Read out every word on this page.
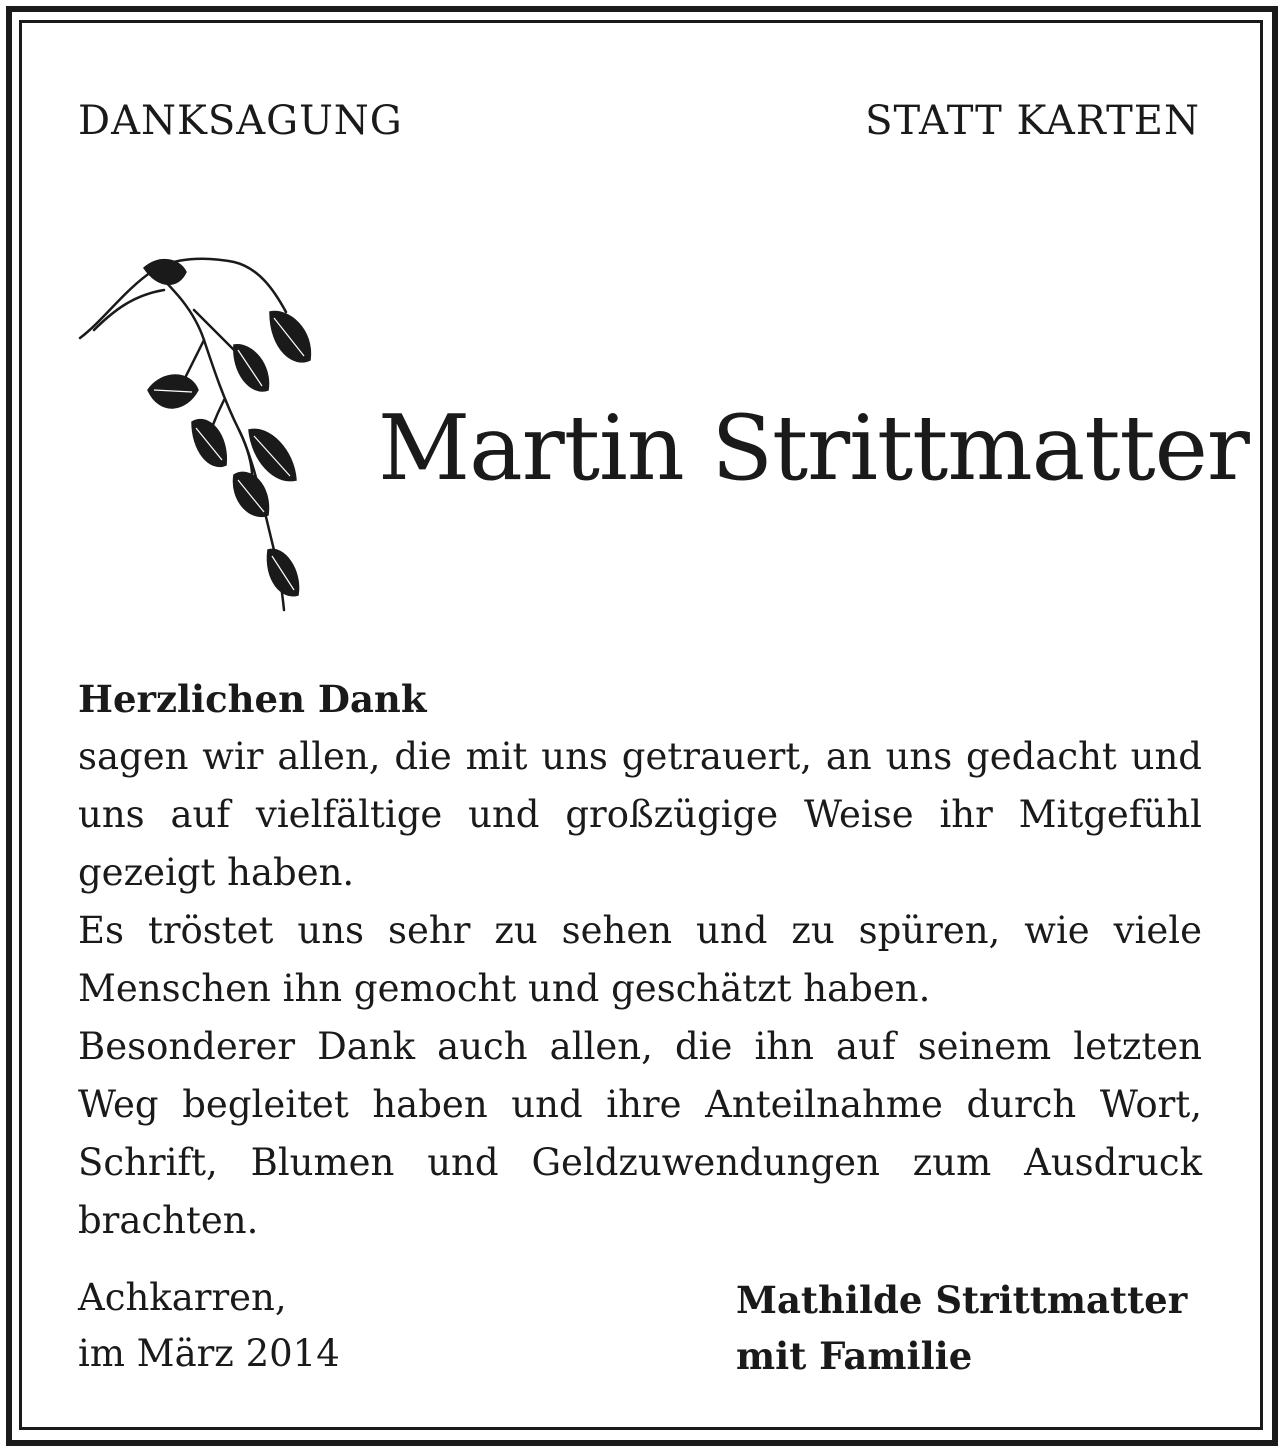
DANKSAGUNG	STATT KARTEN
Martin Strittmatter
Herzlichen Dank

sagen wir allen, die mit uns getrauert, an uns gedacht und uns auf vielfältige und großzügige Weise ihr Mitgefühl gezeigt haben.

Es tröstet uns sehr zu sehen und zu spüren, wie viele Menschen ihn gemocht und geschätzt haben.

Besonderer Dank auch allen, die ihn auf seinem letzten Weg begleitet haben und ihre Anteilnahme durch Wort, Schrift, Blumen und Geldzuwendungen zum Ausdruck brachten.

Achkarren,
im März 2014
Mathilde Strittmatter
mit Familie
